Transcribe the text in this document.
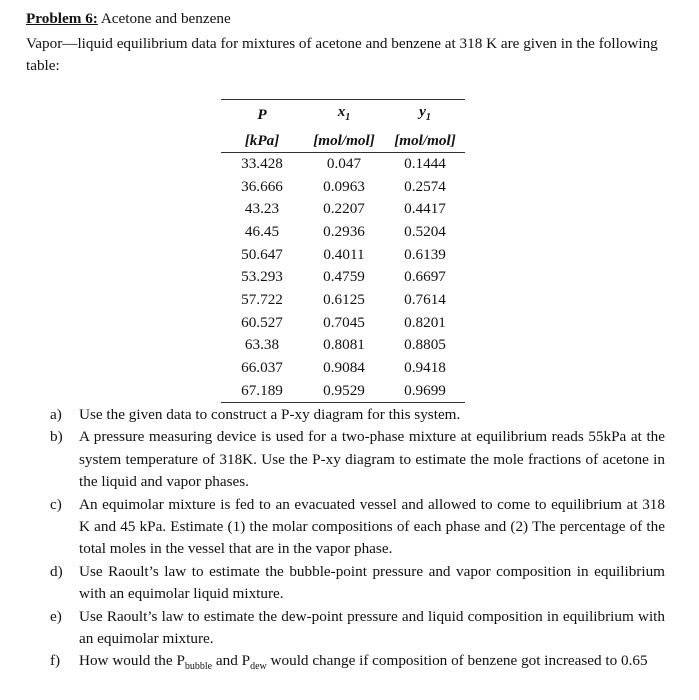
Problem 6: Acetone and benzene
Vapor—liquid equilibrium data for mixtures of acetone and benzene at 318 K are given in the following table:
P	$x_1$	$y_1$
[kPa]	[mol/mol]	[mol/mol]
33.428	0.047	0.1444
36.666	0.0963	0.2574
43.23	0.2207	0.4417
46.45	0.2936	0.5204
50.647	0.4011	0.6139
53.293	0.4759	0.6697
57.722	0.6125	0.7614
60.527	0.7045	0.8201
63.38	0.8081	0.8805
66.037	0.9084	0.9418
67.189	0.9529	0.9699
a) Use the given data to construct a P-xy diagram for this system.
b) A pressure measuring device is used for a two-phase mixture at equilibrium reads 55kPa at the system temperature of 318K. Use the P-xy diagram to estimate the mole fractions of acetone in the liquid and vapor phases.
c) An equimolar mixture is fed to an evacuated vessel and allowed to come to equilibrium at 318 K and 45 kPa. Estimate (1) the molar compositions of each phase and (2) The percentage of the total moles in the vessel that are in the vapor phase.
d) Use Raoult’s law to estimate the bubble-point pressure and vapor composition in equilibrium with an equimolar liquid mixture.
e) Use Raoult’s law to estimate the dew-point pressure and liquid composition in equilibrium with an equimolar mixture.
f) How would the $P_{bubble}$ and $P_{dew}$ would change if composition of benzene got increased to 0.65
